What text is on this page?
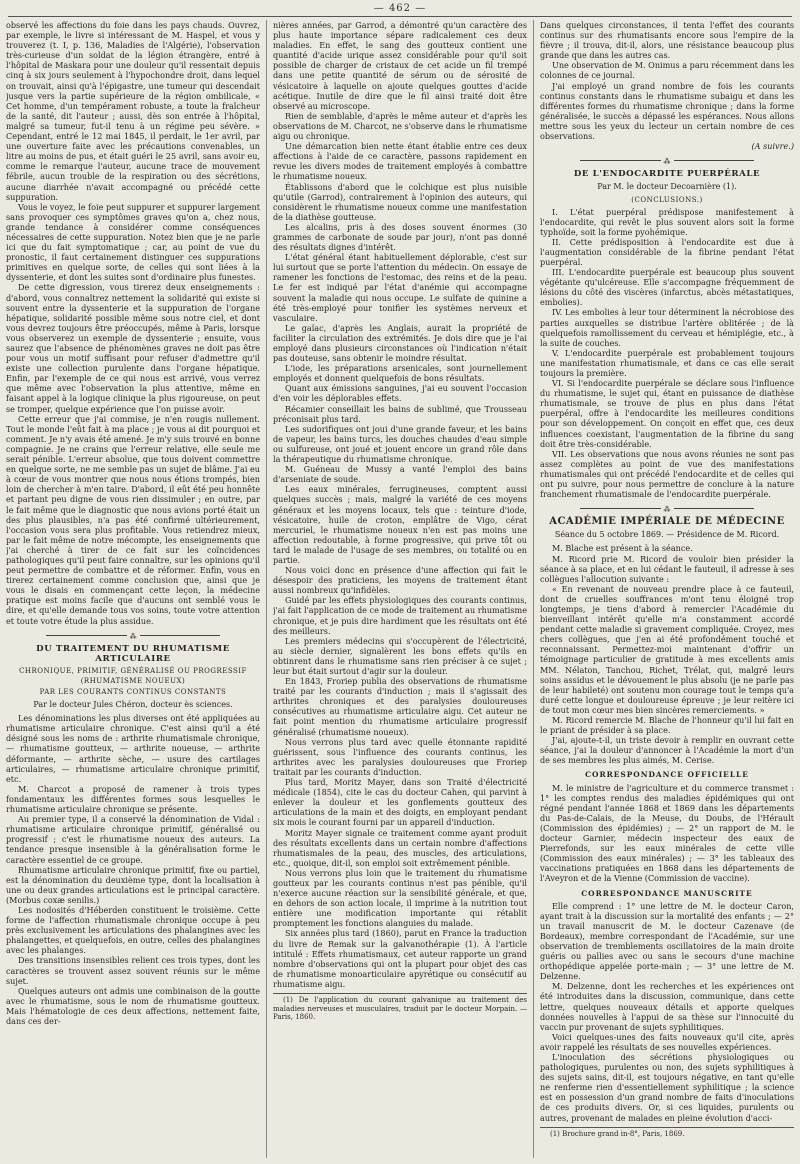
— 462 —

observé les affections du foie dans les pays chauds. Ouvrez, par exemple, le livre si intéressant de M. Haspel, et vous y trouverez (t. I, p. 136, Maladies de l'Algérie), l'observation très-curieuse d'un soldat de la légion étrangère, entré à l'hôpital de Maskara pour une douleur qu'il ressentait depuis cinq à six jours seulement à l'hypochondre droit, dans lequel on trouvait, ainsi qu'à l'épigastre, une tumeur qui descendait jusque vers la partie supérieure de la région ombilicale, « Cet homme, d'un tempérament robuste, a toute la fraîcheur de la santé, dit l'auteur ; aussi, dès son entrée à l'hôpital, malgré sa tumeur, fut-il tenu à un régime peu sévère. » Cependant, entré le 12 mai 1845, il perdait, le 1er avril, par une ouverture faite avec les précautions convenables, un litre au moins de pus, et était guéri le 25 avril, sans avoir eu, comme le remarque l'auteur, aucune trace de mouvement fébrile, aucun trouble de la respiration ou des sécrétions, aucune diarrhée n'avait accompagné ou précédé cette suppuration.

Vous le voyez, le foie peut suppurer et suppurer largement sans provoquer ces symptômes graves qu'on a, chez nous, grande tendance à considérer comme conséquences nécessaires de cette suppuration. Notez bien que je ne parle ici que du fait symptomatique ; car, au point de vue du pronostic, il faut certainement distinguer ces suppurations primitives en quelque sorte, de celles qui sont liées à la dyssenterie, et dont les suites sont d'ordinaire plus funestes.

De cette digression, vous tirerez deux enseignements : d'abord, vous connaîtrez nettement la solidarité qui existe si souvent entre la dyssenterie et la suppuration de l'organe hépatique, solidarité possible même sous notre ciel, et dont vous devrez toujours être préoccupés, même à Paris, lorsque vous observerez un exemple de dyssenterie ; ensuite, vous saurez que l'absence de phénomènes graves ne doit pas être pour vous un motif suffisant pour refuser d'admettre qu'il existe une collection purulente dans l'organe hépatique. Enfin, par l'exemple de ce qui nous est arrivé, vous verrez que même avec l'observation la plus attentive, même en faisant appel à la logique clinique la plus rigoureuse, on peut se tromper, quelque expérience que l'on puisse avoir.

Cette erreur que j'ai commise, je n'en rougis nullement. Tout le monde l'eût fait à ma place ; je vous ai dit pourquoi et comment. Je n'y avais été amené. Je m'y suis trouvé en bonne compagnie. Je ne crains que l'erreur relative, elle seule me serait pénible. L'erreur absolue, que tous doivent commettre en quelque sorte, ne me semble pas un sujet de blâme. J'ai eu à cœur de vous montrer que nous nous étions trompés, bien loin de chercher à m'en taire. D'abord, il eût été peu honnête et partant peu digne de vous rien dissimuler ; en outre, par le fait même que le diagnostic que nous avions porté était un des plus plausibles, n'a pas été confirmé ultérieurement, l'occasion vous sera plus profitable. Vous retiendrez mieux, par le fait même de notre mécompte, les enseignements que j'ai cherché à tirer de ce fait sur les coïncidences pathologiques qu'il peut faire connaître, sur les opinions qu'il peut permettre de combattre et de réformer. Enfin, vous en tirerez certainement comme conclusion que, ainsi que je vous le disais en commençant cette leçon, la médecine pratique est moins facile que d'aucuns ont semblé vous le dire, et qu'elle demande tous vos soins, toute votre attention et toute votre étude la plus assidue.

⁂
DU TRAITEMENT DU RHUMATISME ARTICULAIRE
CHRONIQUE, PRIMITIF, GÉNÉRALISÉ OU PROGRESSIF (RHUMATISME NOUEUX)
PAR LES COURANTS CONTINUS CONSTANTS
Par le docteur Jules Chéron, docteur ès sciences.

Les dénominations les plus diverses ont été appliquées au rhumatisme articulaire chronique. C'est ainsi qu'il a été désigné sous les noms de : arthrite rhumatismale chronique, — rhumatisme goutteux, — arthrite noueuse, — arthrite déformante, — arthrite sèche, — usure des cartilages articulaires, — rhumatisme articulaire chronique primitif, etc.

M. Charcot a proposé de ramener à trois types fondamentaux les différentes formes sous lesquelles le rhumatisme articulaire chronique se présente.

Au premier type, il a conservé la dénomination de Vidal : rhumatisme articulaire chronique primitif, généralisé ou progressif ; c'est le rhumatisme noueux des auteurs. La tendance presque insensible à la généralisation forme le caractère essentiel de ce groupe.

Rhumatisme articulaire chronique primitif, fixe ou partiel, est la dénomination du deuxième type, dont la localisation à une ou deux grandes articulations est le principal caractère. (Morbus coxæ senilis.)

Les nodosités d'Héberden constituent le troisième. Cette forme de l'affection rhumatismale chronique occupe à peu près exclusivement les articulations des phalangines avec les phalangettes, et quelquefois, en outre, celles des phalangines avec les phalanges.

Des transitions insensibles relient ces trois types, dont les caractères se trouvent assez souvent réunis sur le même sujet.

Quelques auteurs ont admis une combinaison de la goutte avec le rhumatisme, sous le nom de rhumatisme goutteux. Mais l'hématologie de ces deux affections, nettement faite, dans ces der-

nières années, par Garrod, a démontré qu'un caractère des plus haute importance sépare radicalement ces deux maladies. En effet, le sang des goutteux contient une quantité d'acide urique assez considérable pour qu'il soit possible de charger de cristaux de cet acide un fil trempé dans une petite quantité de sérum ou de sérosité de vésicatoire à laquelle on ajoute quelques gouttes d'acide acétique. Inutile de dire que le fil ainsi traité doit être observé au microscope.

Rien de semblable, d'après le même auteur et d'après les observations de M. Charcot, ne s'observe dans le rhumatisme aigu ou chronique.

Une démarcation bien nette étant établie entre ces deux affections à l'aide de ce caractère, passons rapidement en revue les divers modes de traitement employés à combattre le rhumatisme noueux.

Établissons d'abord que le colchique est plus nuisible qu'utile (Garrod), contrairement à l'opinion des auteurs, qui considèrent le rhumatisme noueux comme une manifestation de la diathèse goutteuse.

Les alcalins, pris à des doses souvent énormes (30 grammes de carbonate de soude par jour), n'ont pas donné des résultats dignes d'intérêt.

L'état général étant habituellement déplorable, c'est sur lui surtout que se porte l'attention du médecin. On essaye de ramener les fonctions de l'estomac, des reins et de la peau. Le fer est indiqué par l'état d'anémie qui accompagne souvent la maladie qui nous occupe. Le sulfate de quinine a été très-employé pour tonifier les systèmes nerveux et vasculaire.

Le gaïac, d'après les Anglais, aurait la propriété de faciliter la circulation des extrémités. Je dois dire que je l'ai employé dans plusieurs circonstances où l'indication n'était pas douteuse, sans obtenir le moindre résultat.

L'iode, les préparations arsenicales, sont journellement employés et donnent quelquefois de bons résultats.

Quant aux émissions sanguines, j'ai eu souvent l'occasion d'en voir les déplorables effets.

Récamier conseillait les bains de sublimé, que Trousseau préconisait plus tard.

Les sudorifiques ont joui d'une grande faveur, et les bains de vapeur, les bains turcs, les douches chaudes d'eau simple ou sulfureuse, ont joué et jouent encore un grand rôle dans la thérapeutique du rhumatisme chronique.

M. Guéneau de Mussy a vanté l'emploi des bains d'arseniate de soude.

Les eaux minérales, ferrugineuses, comptent aussi quelques succès ; mais, malgré la variété de ces moyens généraux et les moyens locaux, tels que : teinture d'iode, vésicatoire, huile de croton, emplâtre de Vigo, cérat mercuriel, le rhumatisme noueux n'en est pas moins une affection redoutable, à forme progressive, qui prive tôt ou tard le malade de l'usage de ses membres, ou totalité ou en partie.

Nous voici donc en présence d'une affection qui fait le désespoir des praticiens, les moyens de traitement étant aussi nombreux qu'infidèles.

Guidé par les effets physiologiques des courants continus, j'ai fait l'application de ce mode de traitement au rhumatisme chronique, et je puis dire hardiment que les résultats ont été des meilleurs.

Les premiers médecins qui s'occupèrent de l'électricité, au siècle dernier, signalèrent les bons effets qu'ils en obtinrent dans le rhumatisme sans rien préciser à ce sujet ; leur but était surtout d'agir sur la douleur.

En 1843, Froriep publia des observations de rhumatisme traité par les courants d'induction ; mais il s'agissait des arthrites chroniques et des paralysies douloureuses consécutives au rhumatisme articulaire aigu. Cet auteur ne fait point mention du rhumatisme articulaire progressif généralisé (rhumatisme noueux).

Nous verrons plus tard avec quelle étonnante rapidité guérissent, sous l'influence des courants continus, les arthrites avec les paralysies douloureuses que Froriep traitait par les courants d'induction.

Plus tard, Moritz Mayer, dans son Traité d'électricité médicale (1854), cite le cas du docteur Cahen, qui parvint à enlever la douleur et les gonflements goutteux des articulations de la main et des doigts, en employant pendant six mois le courant fourni par un appareil d'induction.

Moritz Mayer signale ce traitement comme ayant produit des résultats excellents dans un certain nombre d'affections rhumatismales de la peau, des muscles, des articulations, etc., quoique, dit-il, son emploi soit extrêmement pénible.

Nous verrons plus loin que le traitement du rhumatisme goutteux par les courants continus n'est pas pénible, qu'il n'exerce aucune réaction sur la sensibilité générale, et que, en dehors de son action locale, il imprime à la nutrition tout entière une modification importante qui rétablit promptement les fonctions alanguies du malade.

Six années plus tard (1860), parut en France la traduction du livre de Remak sur la galvanothérapie (1). À l'article intitulé : Effets rhumatismaux, cet auteur rapporte un grand nombre d'observations qui ont la plupart pour objet des cas de rhumatisme monoarticulaire apyrétique ou consécutif au rhumatisme aigu.

(1) De l'application du courant galvanique au traitement des maladies nerveuses et musculaires, traduit par le docteur Morpain. — Paris, 1860.

Dans quelques circonstances, il tenta l'effet des courants continus sur des rhumatisants encore sous l'empire de la fièvre ; il trouva, dit-il, alors, une résistance beaucoup plus grande que dans les autres cas.

Une observation de M. Onimus a paru récemment dans les colonnes de ce journal.

J'ai employé un grand nombre de fois les courants continus constants dans le rhumatisme subaigu et dans les différentes formes du rhumatisme chronique ; dans la forme généralisée, le succès a dépassé les espérances. Nous allons mettre sous les yeux du lecteur un certain nombre de ces observations.

(A suivre.)

⁂
DE L'ENDOCARDITE PUERPÉRALE
Par M. le docteur Decoarnière (1).
(CONCLUSIONS.)

I. L'état puerpéral prédispose manifestement à l'endocardite, qui revêt le plus souvent alors soit la forme typhoïde, soit la forme pyohémique.

II. Cette prédisposition à l'endocardite est due à l'augmentation considérable de la fibrine pendant l'état puerpéral.

III. L'endocardite puerpérale est beaucoup plus souvent végétante qu'ulcéreuse. Elle s'accompagne fréquemment de lésions du côté des viscères (infarctus, abcès métastatiques, embolies).

IV. Les embolies à leur tour déterminent la nécrobiose des parties auxquelles se distribue l'artère oblitérée ; de là quelquefois ramollissement du cerveau et hémiplégie, etc., à la suite de couches.

V. L'endocardite puerpérale est probablement toujours une manifestation rhumatismale, et dans ce cas elle serait toujours la première.

VI. Si l'endocardite puerpérale se déclare sous l'influence du rhumatisme, le sujet qui, étant en puissance de diathèse rhumatismale, se trouve de plus en plus dans l'état puerpéral, offre à l'endocardite les meilleures conditions pour son développement. On conçoit en effet que, ces deux influences coexistant, l'augmentation de la fibrine du sang doit être très-considérable.

VII. Les observations que nous avons réunies ne sont pas assez complètes au point de vue des manifestations rhumatismales qui ont précédé l'endocardite et de celles qui ont pu suivre, pour nous permettre de conclure à la nature franchement rhumatismale de l'endocardite puerpérale.

⁂
ACADÉMIE IMPÉRIALE DE MÉDECINE
Séance du 5 octobre 1869. — Présidence de M. Ricord.

M. Blache est présent à la séance.

M. Ricord prie M. Ricord de vouloir bien présider la séance à sa place, et en lui cédant le fauteuil, il adresse à ses collègues l'allocution suivante :

« En revenant de nouveau prendre place à ce fauteuil, dont de cruelles souffrances m'ont tenu éloigné trop longtemps, je tiens d'abord à remercier l'Académie du bienveillant intérêt qu'elle m'a constamment accordé pendant cette maladie si gravement compliquée. Croyez, mes chers collègues, que j'en ai été profondément touché et reconnaissant. Permettez-moi maintenant d'offrir un témoignage particulier de gratitude à mes excellents amis MM. Nélaton, Tanchou, Richet, Trélat, qui, malgré leurs soins assidus et le dévouement le plus absolu (je ne parle pas de leur habileté) ont soutenu mon courage tout le temps qu'a duré cette longue et douloureuse épreuve ; je leur reitère ici de tout mon cœur mes bien sincères remerciements. »

M. Ricord remercie M. Blache de l'honneur qu'il lui fait en le priant de présider à sa place.

J'ai, ajoute-t-il, un triste devoir à remplir en ouvrant cette séance, j'ai la douleur d'annoncer à l'Académie la mort d'un de ses membres les plus aimés, M. Cerise.

CORRESPONDANCE OFFICIELLE

M. le ministre de l'agriculture et du commerce transmet : 1° les comptes rendus des maladies épidémiques qui ont régné pendant l'année 1868 et 1869 dans les départements du Pas-de-Calais, de la Meuse, du Doubs, de l'Hérault (Commission des épidémies) ; — 2° un rapport de M. le docteur Garnier, médecin inspecteur des eaux de Pierrefonds, sur les eaux minérales de cette ville (Commission des eaux minérales) ; — 3° les tableaux des vaccinations pratiquées en 1868 dans les départements de l'Aveyron et de la Vienne (Commission de vaccine).

CORRESPONDANCE MANUSCRITE

Elle comprend : 1° une lettre de M. le docteur Caron, ayant trait à la discussion sur la mortalité des enfants ; — 2° un travail manuscrit de M. le docteur Cazenave (de Bordeaux), membre correspondant de l'Académie, sur une observation de tremblements oscillatoires de la main droite guéris ou pallies avec ou sans le secours d'une machine orthopédique appelée porte-main ; — 3° une lettre de M. Delzenne.

M. Delzenne, dont les recherches et les expériences ont été introduites dans la discussion, communique, dans cette lettre, quelques nouveaux détails et apporte quelques données nouvelles à l'appui de sa thèse sur l'innocuité du vaccin pur provenant de sujets syphilitiques.

Voici quelques-unes des faits nouveaux qu'il cite, après avoir rappelé les résultats de ses nouvelles expériences.

L'inoculation des sécrétions physiologiques ou pathologiques, purulentes ou non, des sujets syphilitiques à des sujets sains, dit-il, est toujours négative, en tant qu'elle ne renferme rien d'essentiellement syphilitique ; la science est en possession d'un grand nombre de faits d'inoculations de ces produits divers. Or, si ces liquides, purulents ou autres, provenant de malades en pleine évolution d'acci-

(1) Brochure grand in-8°, Paris, 1869.
